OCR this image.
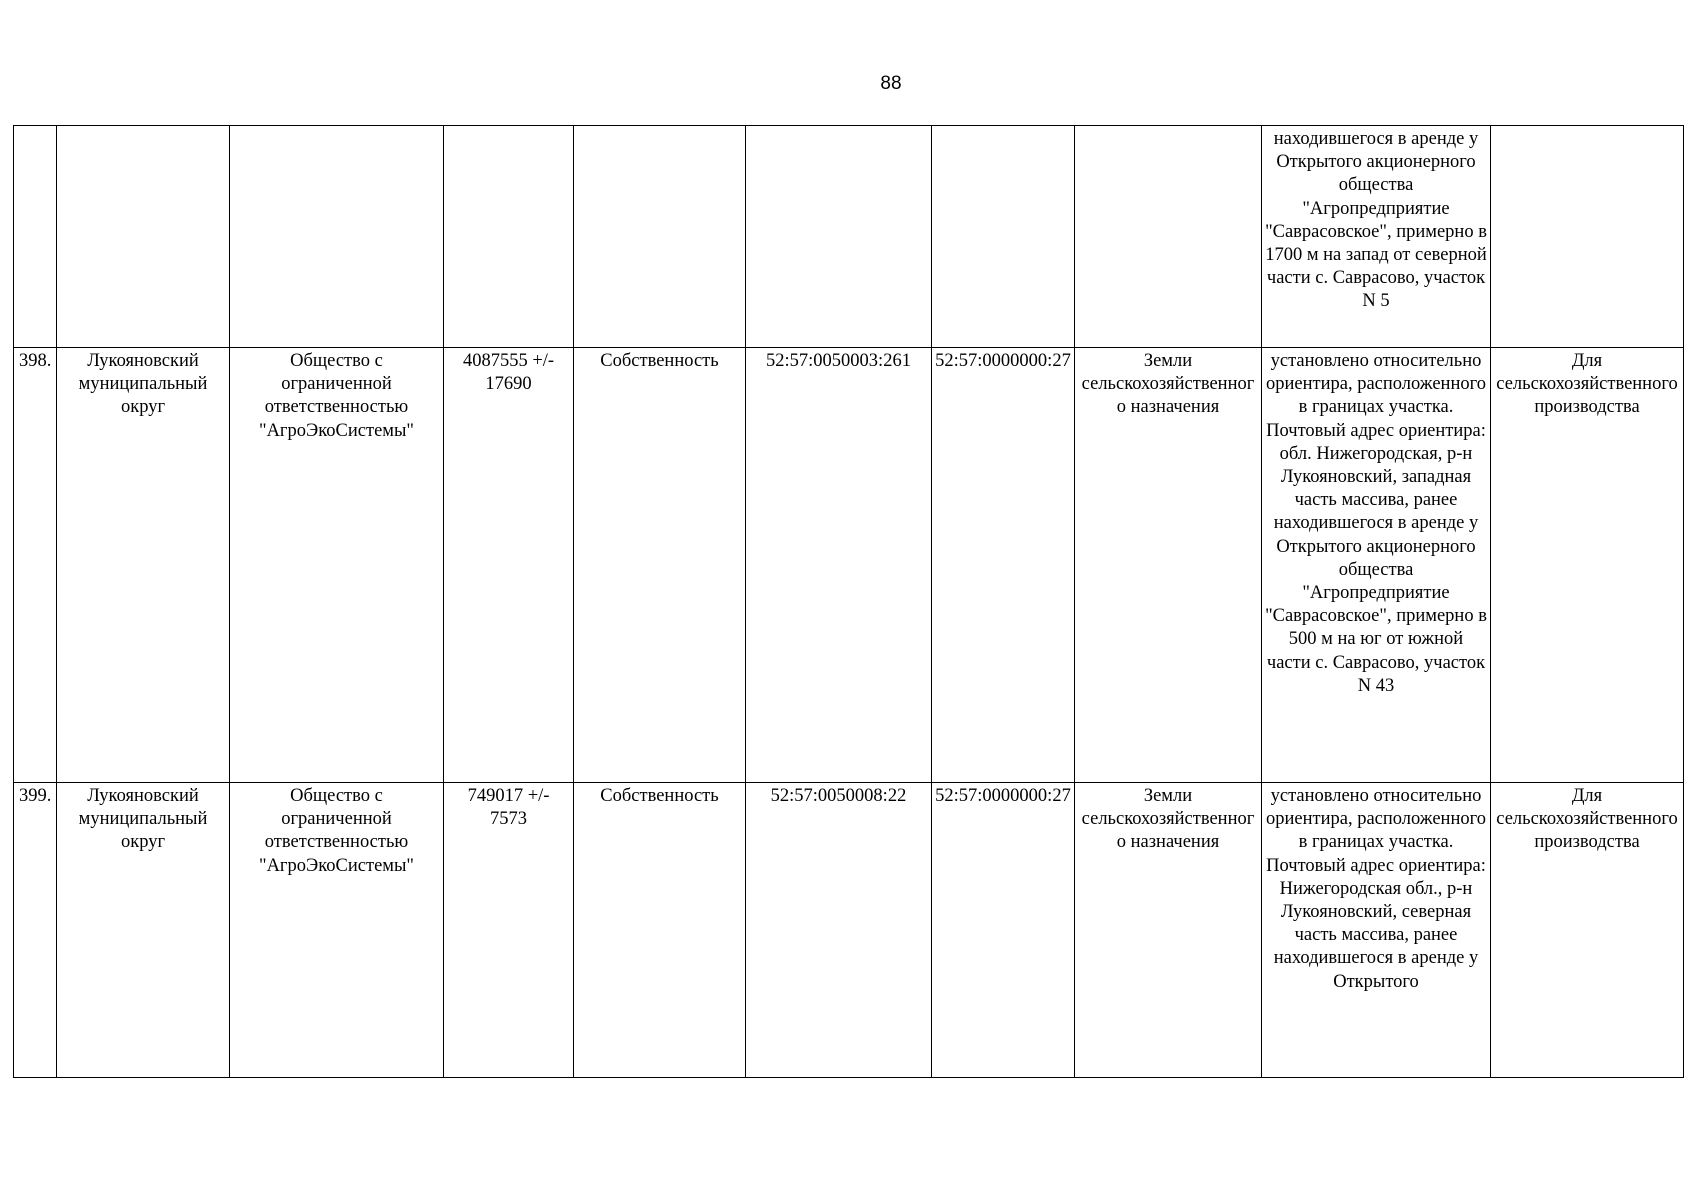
88
								находившегося в аренде у Открытого акционерного общества "Агропредприятие "Саврасовское", примерно в 1700 м на запад от северной части с. Саврасово, участок N 5	
398.	Лукояновский муниципальный округ	Общество с ограниченной ответственностью "АгроЭкоСистемы"	4087555 +/- 17690	Собственность	52:57:0050003:261	52:57:0000000:27	Земли сельскохозяйственного назначения	установлено относительно ориентира, расположенного в границах участка. Почтовый адрес ориентира: обл. Нижегородская, р-н Лукояновский, западная часть массива, ранее находившегося в аренде у Открытого акционерного общества "Агропредприятие "Саврасовское", примерно в 500 м на юг от южной части с. Саврасово, участок N 43	Для сельскохозяйственного производства
399.	Лукояновский муниципальный округ	Общество с ограниченной ответственностью "АгроЭкоСистемы"	749017 +/- 7573	Собственность	52:57:0050008:22	52:57:0000000:27	Земли сельскохозяйственного назначения	установлено относительно ориентира, расположенного в границах участка. Почтовый адрес ориентира: Нижегородская обл., р-н Лукояновский, северная часть массива, ранее находившегося в аренде у Открытого	Для сельскохозяйственного производства
